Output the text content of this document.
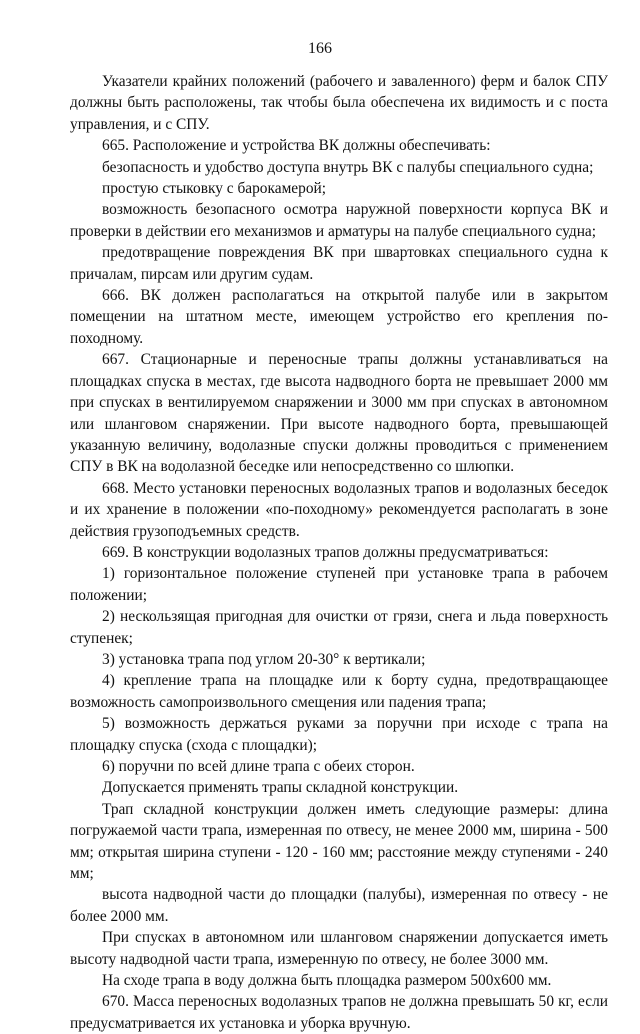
166

Указатели крайних положений (рабочего и заваленного) ферм и балок СПУ должны быть расположены, так чтобы была обеспечена их видимость и с поста управления, и с СПУ.

665. Расположение и устройства ВК должны обеспечивать:

безопасность и удобство доступа внутрь ВК с палубы специального судна;

простую стыковку с барокамерой;

возможность безопасного осмотра наружной поверхности корпуса ВК и проверки в действии его механизмов и арматуры на палубе специального судна;

предотвращение повреждения ВК при швартовках специального судна к причалам, пирсам или другим судам.

666. ВК должен располагаться на открытой палубе или в закрытом помещении на штатном месте, имеющем устройство его крепления по-походному.

667. Стационарные и переносные трапы должны устанавливаться на площадках спуска в местах, где высота надводного борта не превышает 2000 мм при спусках в вентилируемом снаряжении и 3000 мм при спусках в автономном или шланговом снаряжении. При высоте надводного борта, превышающей указанную величину, водолазные спуски должны проводиться с применением СПУ в ВК на водолазной беседке или непосредственно со шлюпки.

668. Место установки переносных водолазных трапов и водолазных беседок и их хранение в положении «по-походному» рекомендуется располагать в зоне действия грузоподъемных средств.

669. В конструкции водолазных трапов должны предусматриваться:

1) горизонтальное положение ступеней при установке трапа в рабочем положении;

2) нескользящая пригодная для очистки от грязи, снега и льда поверхность ступенек;

3) установка трапа под углом 20-30° к вертикали;

4) крепление трапа на площадке или к борту судна, предотвращающее возможность самопроизвольного смещения или падения трапа;

5) возможность держаться руками за поручни при исходе с трапа на площадку спуска (схода с площадки);

6) поручни по всей длине трапа с обеих сторон.

Допускается применять трапы складной конструкции.

Трап складной конструкции должен иметь следующие размеры: длина погружаемой части трапа, измеренная по отвесу, не менее 2000 мм, ширина - 500 мм; открытая ширина ступени - 120 - 160 мм; расстояние между ступенями - 240 мм;

высота надводной части до площадки (палубы), измеренная по отвесу - не более 2000 мм.

При спусках в автономном или шланговом снаряжении допускается иметь высоту надводной части трапа, измеренную по отвесу, не более 3000 мм.

На сходе трапа в воду должна быть площадка размером 500х600 мм.

670. Масса переносных водолазных трапов не должна превышать 50 кг, если предусматривается их установка и уборка вручную.
